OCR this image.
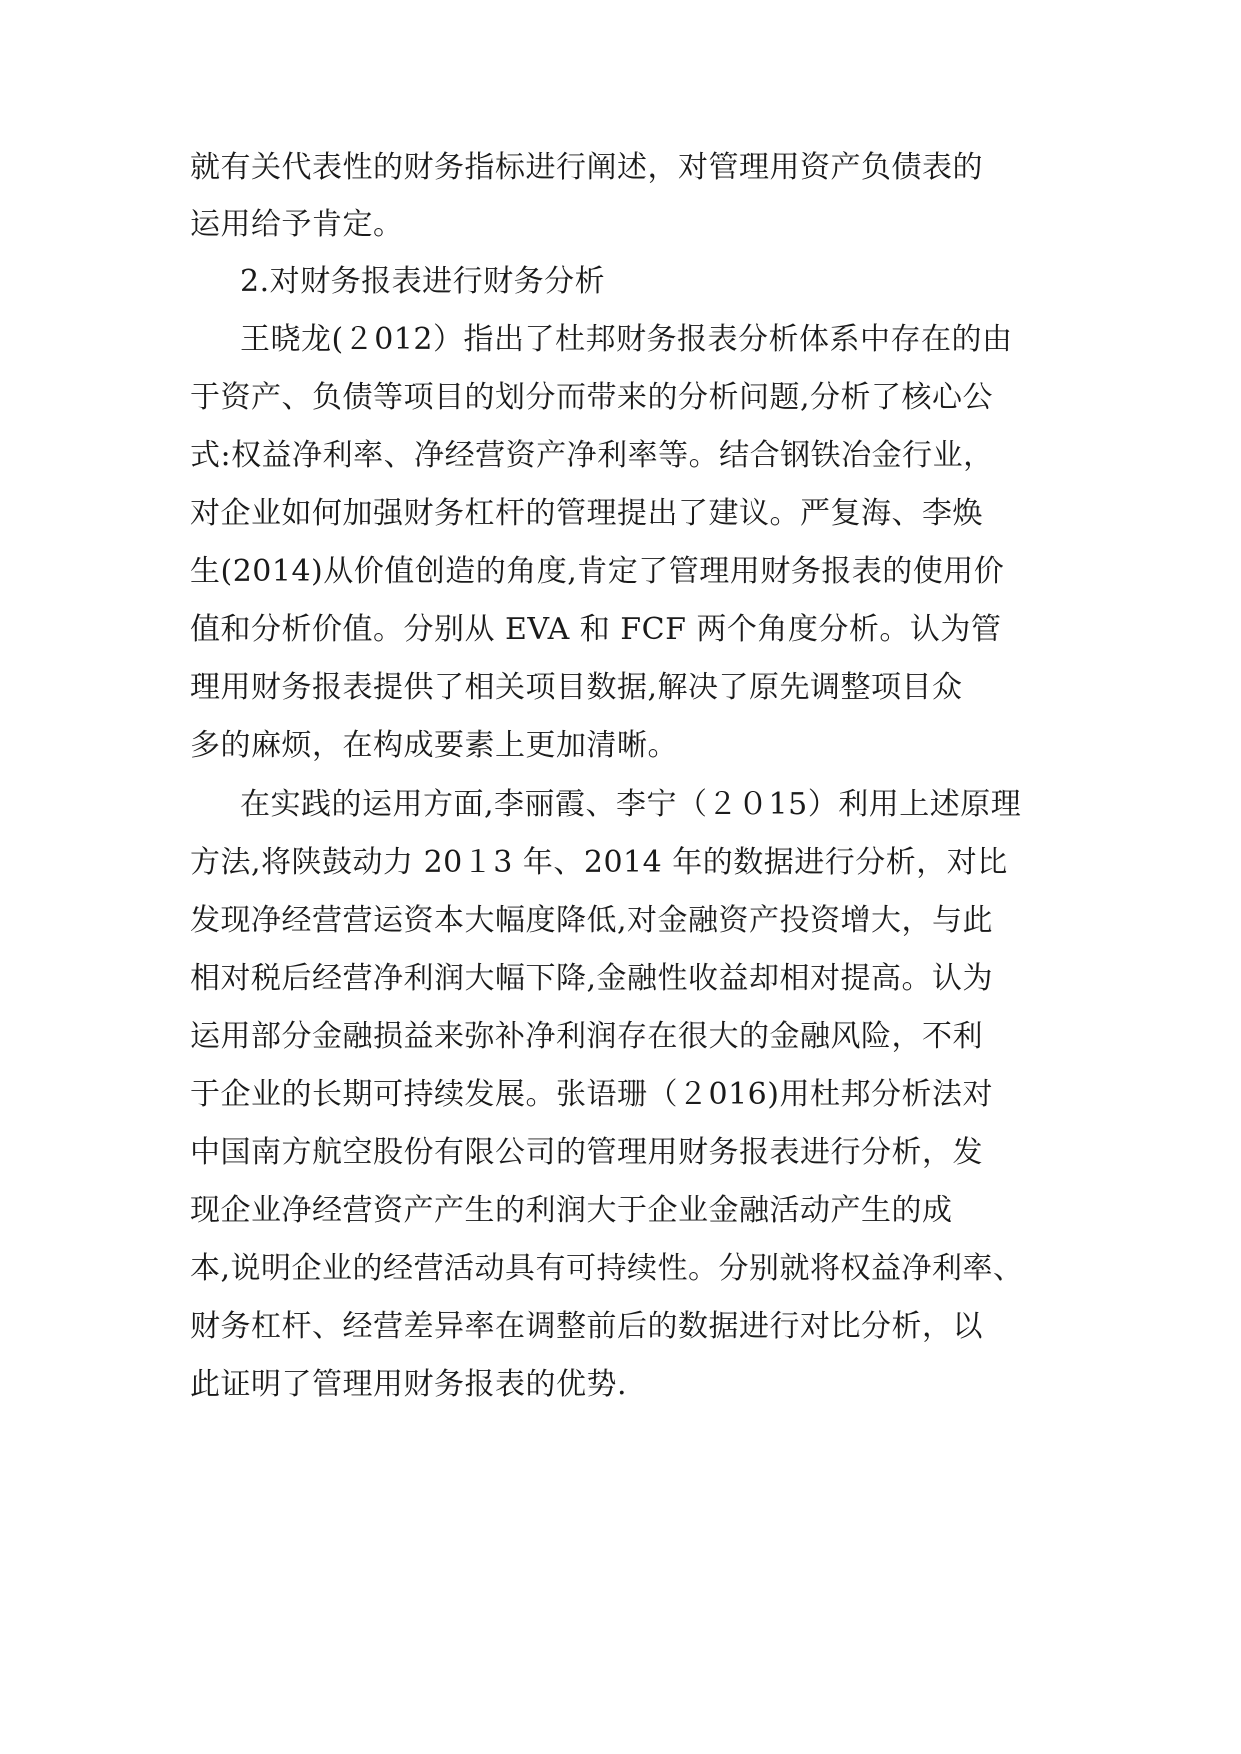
就有关代表性的财务指标进行阐述，对管理用资产负债表的
运用给予肯定。
2.对财务报表进行财务分析
王晓龙(２012）指出了杜邦财务报表分析体系中存在的由
于资产、负债等项目的划分而带来的分析问题,分析了核心公
式:权益净利率、净经营资产净利率等。结合钢铁冶金行业，
对企业如何加强财务杠杆的管理提出了建议。严复海、李焕
生(2014)从价值创造的角度,肯定了管理用财务报表的使用价
值和分析价值。分别从 EVA 和 FCF 两个角度分析。认为管
理用财务报表提供了相关项目数据,解决了原先调整项目众
多的麻烦，在构成要素上更加清晰。
在实践的运用方面,李丽霞、李宁（２０15）利用上述原理
方法,将陕鼓动力 20１3 年、2014 年的数据进行分析，对比
发现净经营营运资本大幅度降低,对金融资产投资增大，与此
相对税后经营净利润大幅下降,金融性收益却相对提高。认为
运用部分金融损益来弥补净利润存在很大的金融风险，不利
于企业的长期可持续发展。张语珊（２016)用杜邦分析法对
中国南方航空股份有限公司的管理用财务报表进行分析，发
现企业净经营资产产生的利润大于企业金融活动产生的成
本,说明企业的经营活动具有可持续性。分别就将权益净利率、
财务杠杆、经营差异率在调整前后的数据进行对比分析，以
此证明了管理用财务报表的优势.
